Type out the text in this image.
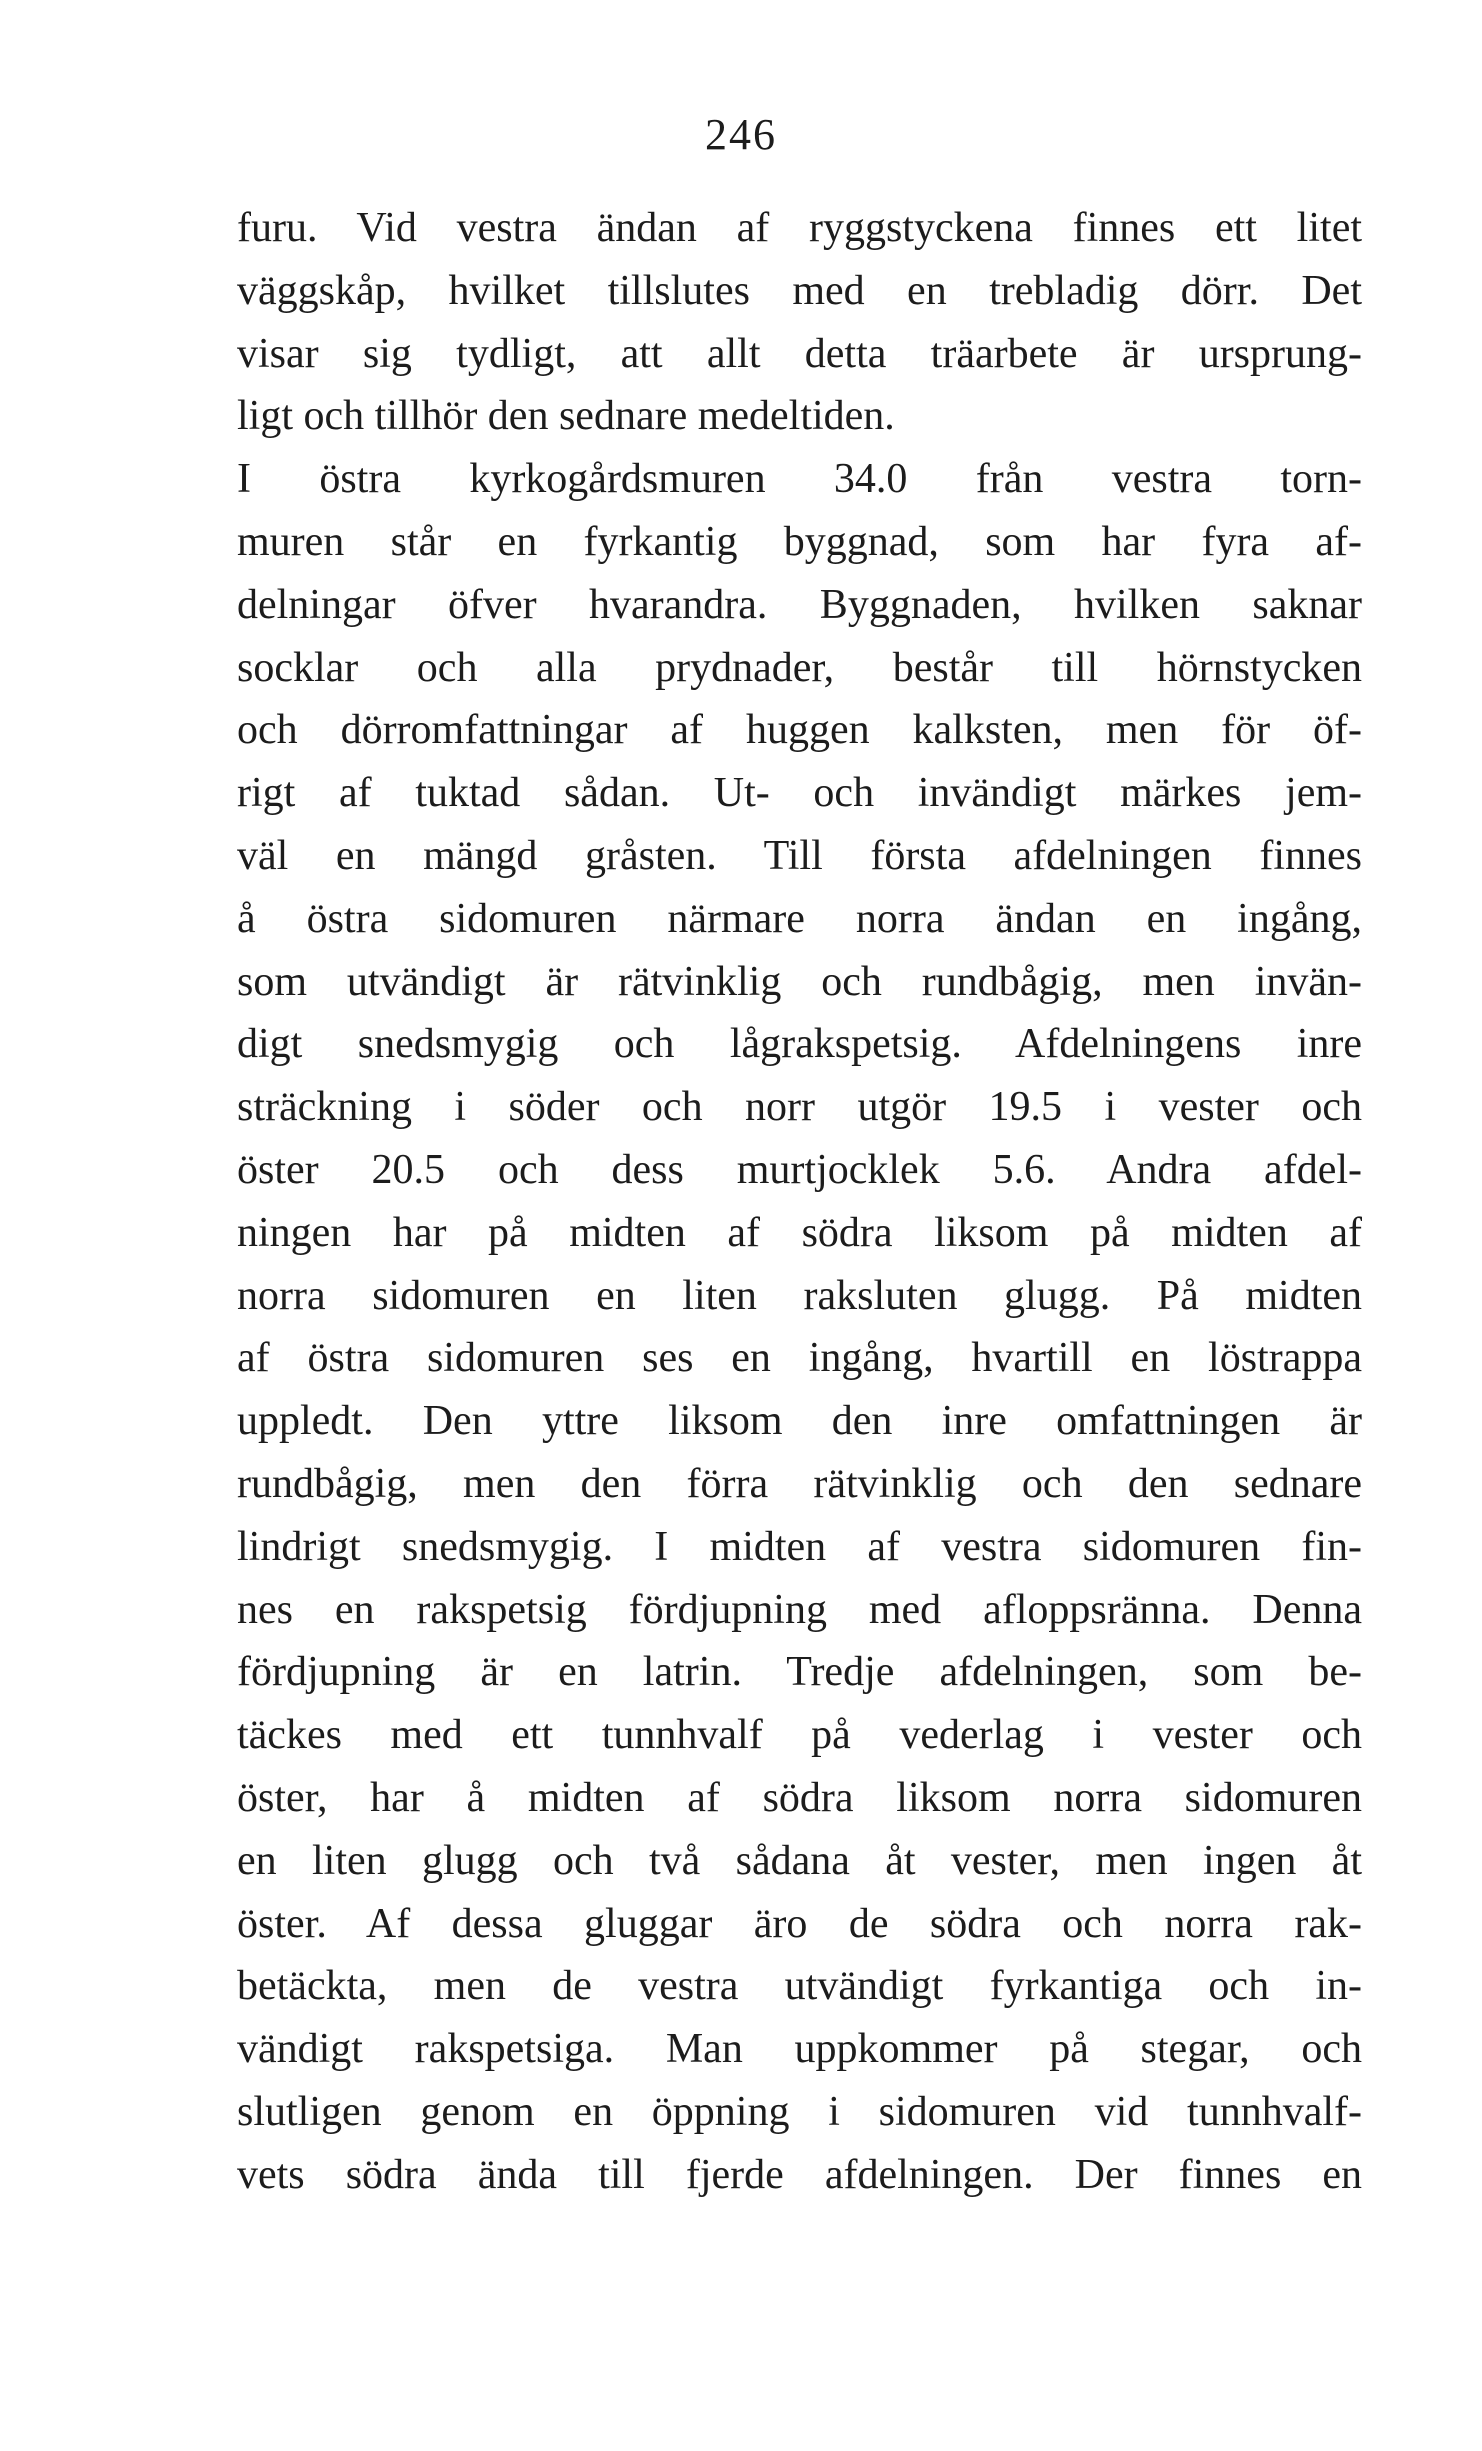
246
furu. Vid vestra ändan af ryggstyckena finnes ett litet
väggskåp, hvilket tillslutes med en trebladig dörr. Det
visar sig tydligt, att allt detta träarbete är ursprung-
ligt och tillhör den sednare medeltiden.
I östra kyrkogårdsmuren 34.0 från vestra torn-
muren står en fyrkantig byggnad, som har fyra af-
delningar öfver hvarandra. Byggnaden, hvilken saknar
socklar och alla prydnader, består till hörnstycken
och dörromfattningar af huggen kalksten, men för öf-
rigt af tuktad sådan. Ut- och invändigt märkes jem-
väl en mängd gråsten. Till första afdelningen finnes
å östra sidomuren närmare norra ändan en ingång,
som utvändigt är rätvinklig och rundbågig, men invän-
digt snedsmygig och lågrakspetsig. Afdelningens inre
sträckning i söder och norr utgör 19.5 i vester och
öster 20.5 och dess murtjocklek 5.6. Andra afdel-
ningen har på midten af södra liksom på midten af
norra sidomuren en liten raksluten glugg. På midten
af östra sidomuren ses en ingång, hvartill en löstrappa
uppledt. Den yttre liksom den inre omfattningen är
rundbågig, men den förra rätvinklig och den sednare
lindrigt snedsmygig. I midten af vestra sidomuren fin-
nes en rakspetsig fördjupning med afloppsränna. Denna
fördjupning är en latrin. Tredje afdelningen, som be-
täckes med ett tunnhvalf på vederlag i vester och
öster, har å midten af södra liksom norra sidomuren
en liten glugg och två sådana åt vester, men ingen åt
öster. Af dessa gluggar äro de södra och norra rak-
betäckta, men de vestra utvändigt fyrkantiga och in-
vändigt rakspetsiga. Man uppkommer på stegar, och
slutligen genom en öppning i sidomuren vid tunnhvalf-
vets södra ända till fjerde afdelningen. Der finnes en
